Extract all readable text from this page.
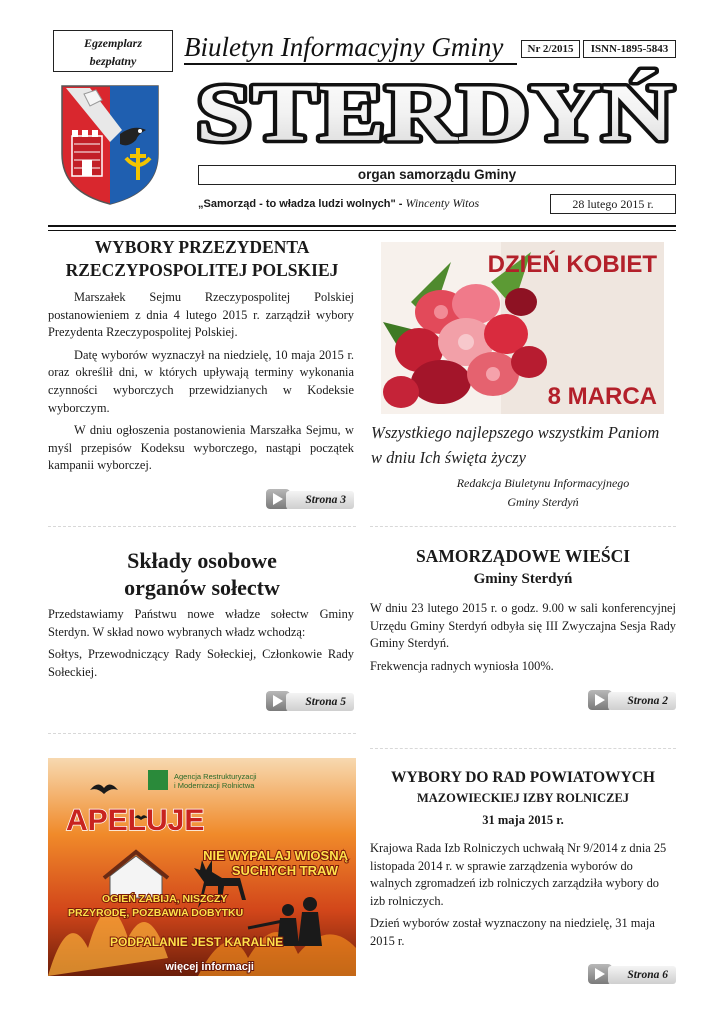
Egzemplarz
bezpłatny	Biuletyn Informacyjny Gminy	Nr 2/2015	ISNN-1895-5843
STERDYŃ
organ samorządu Gminy
„Samorząd - to władza ludzi wolnych" - Wincenty Witos	28 lutego 2015 r.
WYBORY PRZEZYDENTA
RZECZYPOSPOLITEJ POLSKIEJ

Marszałek Sejmu Rzeczypospolitej Polskiej postanowieniem z dnia 4 lutego 2015 r. zarządził wybory Prezydenta Rzeczypospolitej Polskiej.

Datę wyborów wyznaczył na niedzielę, 10 maja 2015 r. oraz określił dni, w których upływają terminy wykonania czynności wyborczych przewidzianych w Kodeksie wyborczym.

W dniu ogłoszenia postanowienia Marszałka Sejmu, w myśl przepisów Kodeksu wyborczego, nastąpi początek kampanii wyborczej.

Strona 3
DZIEŃ KOBIET
8 MARCA
Wszystkiego najlepszego wszystkim Paniom
w dniu Ich święta życzy
Redakcja Biuletynu Informacyjnego
Gminy Sterdyń
Składy osobowe
organów sołectw

Przedstawiamy Państwu nowe władze sołectw Gminy Sterdyn. W skład nowo wybranych władz wchodzą:

Sołtys, Przewodniczący Rady Sołeckiej, Członkowie Rady Sołeckiej.

Strona 5
SAMORZĄDOWE WIEŚCI
Gminy Sterdyń

W dniu 23 lutego 2015 r. o godz. 9.00 w sali konferencyjnej Urzędu Gminy Sterdyń odbyła się III Zwyczajna Sesja Rady Gminy Sterdyń.

Frekwencja radnych wyniosła 100%.

Strona 2
Agencja Restrukturyzacji
i Modernizacji Rolnictwa
APELUJE
NIE WYPALAJ WIOSNĄ
SUCHYCH TRAW
OGIEŃ ZABIJA, NISZCZY
PRZYRODĘ, POZBAWIA DOBYTKU
PODPALANIE JEST KARALNE
więcej informacji
WYBORY DO RAD POWIATOWYCH
MAZOWIECKIEJ IZBY ROLNICZEJ
31 maja 2015 r.

Krajowa Rada Izb Rolniczych uchwałą Nr 9/2014 z dnia 25 listopada 2014 r. w sprawie zarządzenia wyborów do walnych zgromadzeń izb rolniczych zarządziła wybory do izb rolniczych.

Dzień wyborów został wyznaczony na niedzielę, 31 maja 2015 r.

Strona 6
